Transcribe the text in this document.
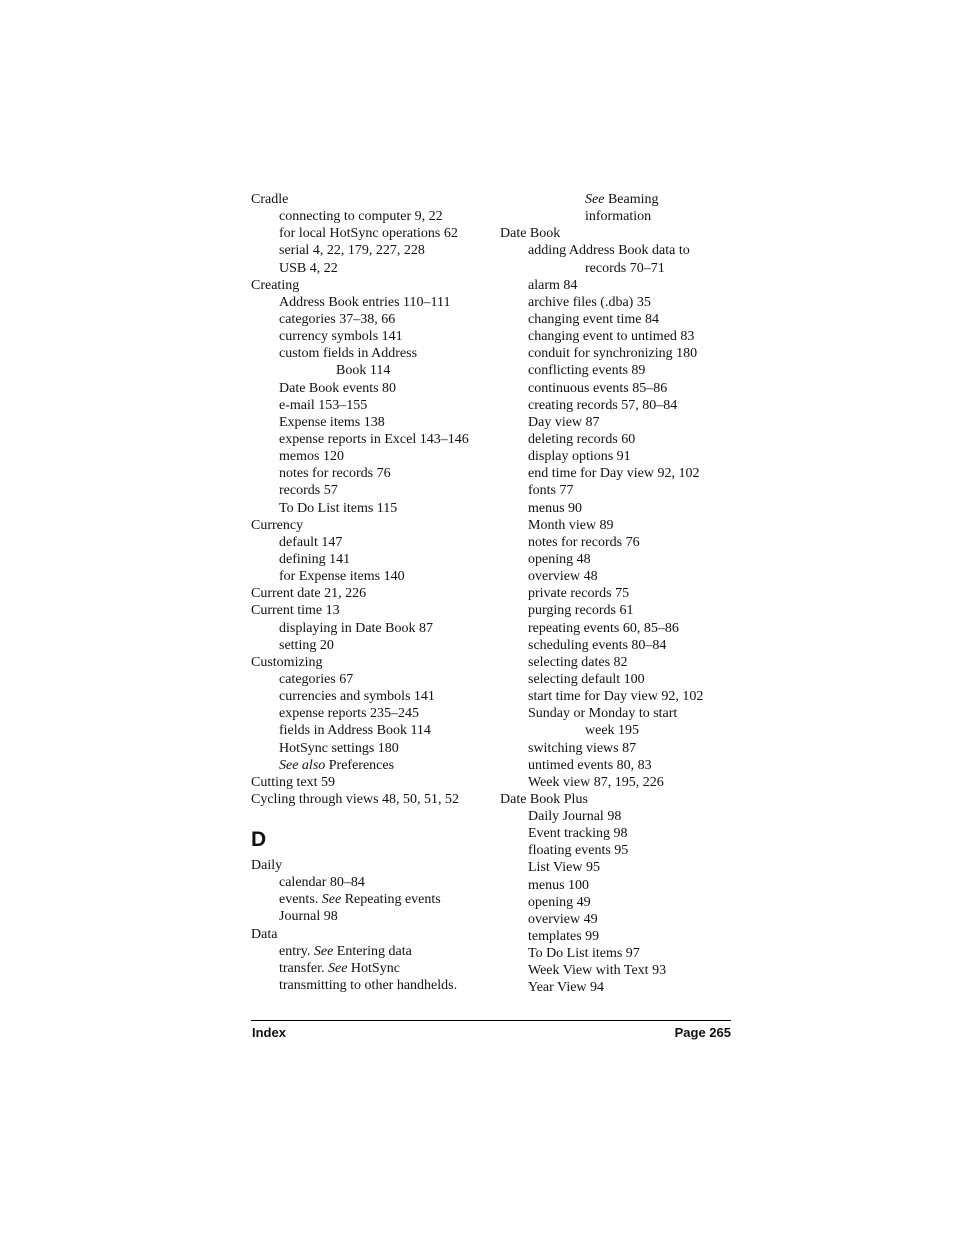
Cradle
connecting to computer 9, 22
for local HotSync operations 62
serial 4, 22, 179, 227, 228
USB 4, 22
Creating
Address Book entries 110–111
categories 37–38, 66
currency symbols 141
custom fields in Address
Book 114
Date Book events 80
e-mail 153–155
Expense items 138
expense reports in Excel 143–146
memos 120
notes for records 76
records 57
To Do List items 115
Currency
default 147
defining 141
for Expense items 140
Current date 21, 226
Current time 13
displaying in Date Book 87
setting 20
Customizing
categories 67
currencies and symbols 141
expense reports 235–245
fields in Address Book 114
HotSync settings 180
See also Preferences
Cutting text 59
Cycling through views 48, 50, 51, 52
D
Daily
calendar 80–84
events. See Repeating events
Journal 98
Data
entry. See Entering data
transfer. See HotSync
transmitting to other handhelds.
See Beaming
information
Date Book
adding Address Book data to
records 70–71
alarm 84
archive files (.dba) 35
changing event time 84
changing event to untimed 83
conduit for synchronizing 180
conflicting events 89
continuous events 85–86
creating records 57, 80–84
Day view 87
deleting records 60
display options 91
end time for Day view 92, 102
fonts 77
menus 90
Month view 89
notes for records 76
opening 48
overview 48
private records 75
purging records 61
repeating events 60, 85–86
scheduling events 80–84
selecting dates 82
selecting default 100
start time for Day view 92, 102
Sunday or Monday to start
week 195
switching views 87
untimed events 80, 83
Week view 87, 195, 226
Date Book Plus
Daily Journal 98
Event tracking 98
floating events 95
List View 95
menus 100
opening 49
overview 49
templates 99
To Do List items 97
Week View with Text 93
Year View 94
Index	Page 265
